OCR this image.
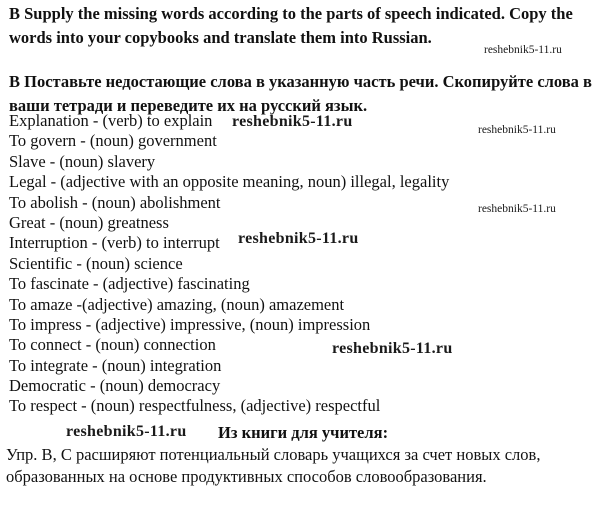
B Supply the missing words according to the parts of speech indicated. Copy the words into your copybooks and translate them into Russian.

B Поставьте недостающие слова в указанную часть речи. Скопируйте слова в ваши тетради и переведите их на русский язык.

Explanation - (verb) to explain
To govern - (noun) government
Slave - (noun) slavery
Legal - (adjective with an opposite meaning, noun) illegal, legality
To abolish - (noun) abolishment
Great - (noun) greatness
Interruption - (verb) to interrupt
Scientific - (noun) science
To fascinate - (adjective) fascinating
To amaze -(adjective) amazing, (noun) amazement
To impress - (adjective) impressive, (noun) impression
To connect - (noun) connection
To integrate - (noun) integration
Democratic - (noun) democracy
To respect - (noun) respectfulness, (adjective) respectful
Из книги для учителя:

Упр. В, С расширяют потенциальный словарь учащихся за счет новых слов, образованных на основе продуктивных способов словообразования.

reshebnik5-11.ru
reshebnik5-11.ru	reshebnik5-11.ru
reshebnik5-11.ru
reshebnik5-11.ru
reshebnik5-11.ru
reshebnik5-11.ru
